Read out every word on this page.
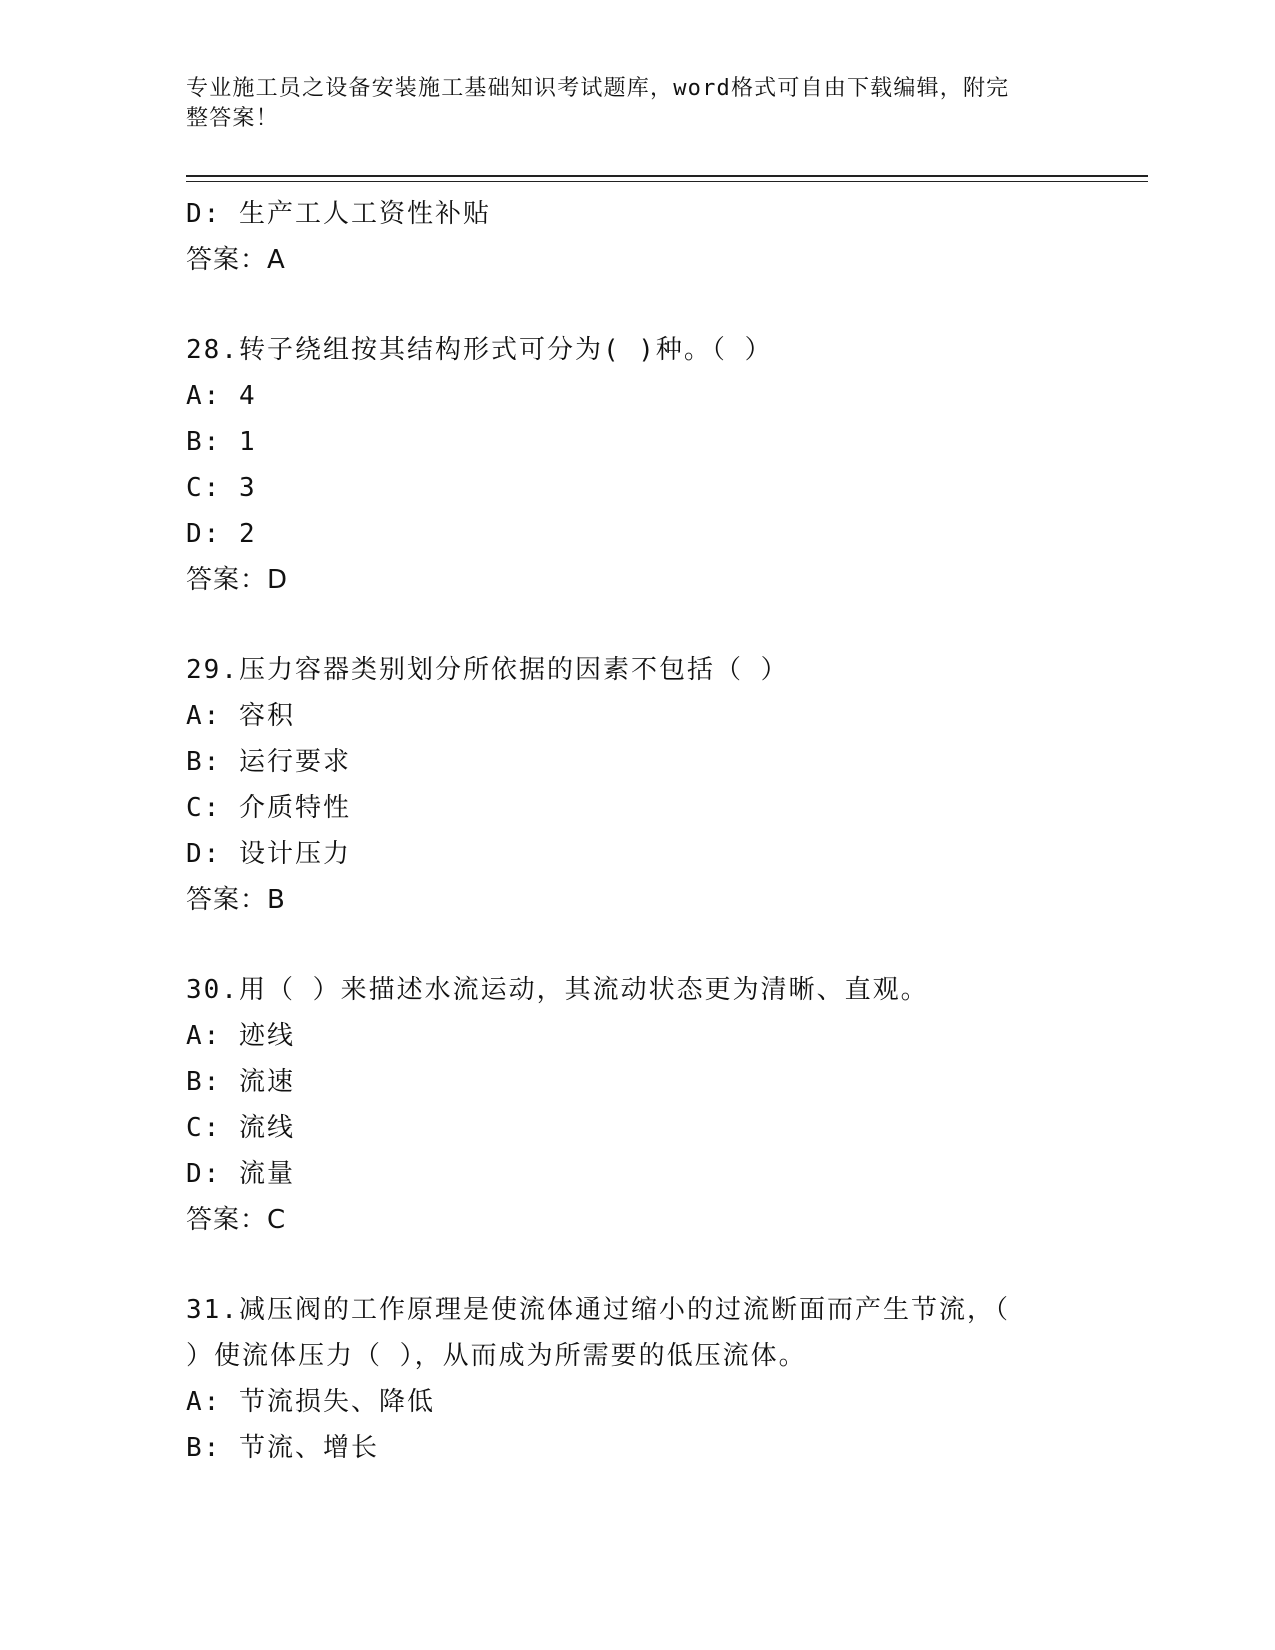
专业施工员之设备安装施工基础知识考试题库，word格式可自由下载编辑，附完
整答案！
D: 生产工人工资性补贴
答案：A
28.转子绕组按其结构形式可分为( )种。（ ）
A: 4
B: 1
C: 3
D: 2
答案：D
29.压力容器类别划分所依据的因素不包括（ ）
A: 容积
B: 运行要求
C: 介质特性
D: 设计压力
答案：B
30.用（ ）来描述水流运动，其流动状态更为清晰、直观。
A: 迹线
B: 流速
C: 流线
D: 流量
答案：C
31.减压阀的工作原理是使流体通过缩小的过流断面而产生节流，（
）使流体压力（ ），从而成为所需要的低压流体。
A: 节流损失、降低
B: 节流、增长
